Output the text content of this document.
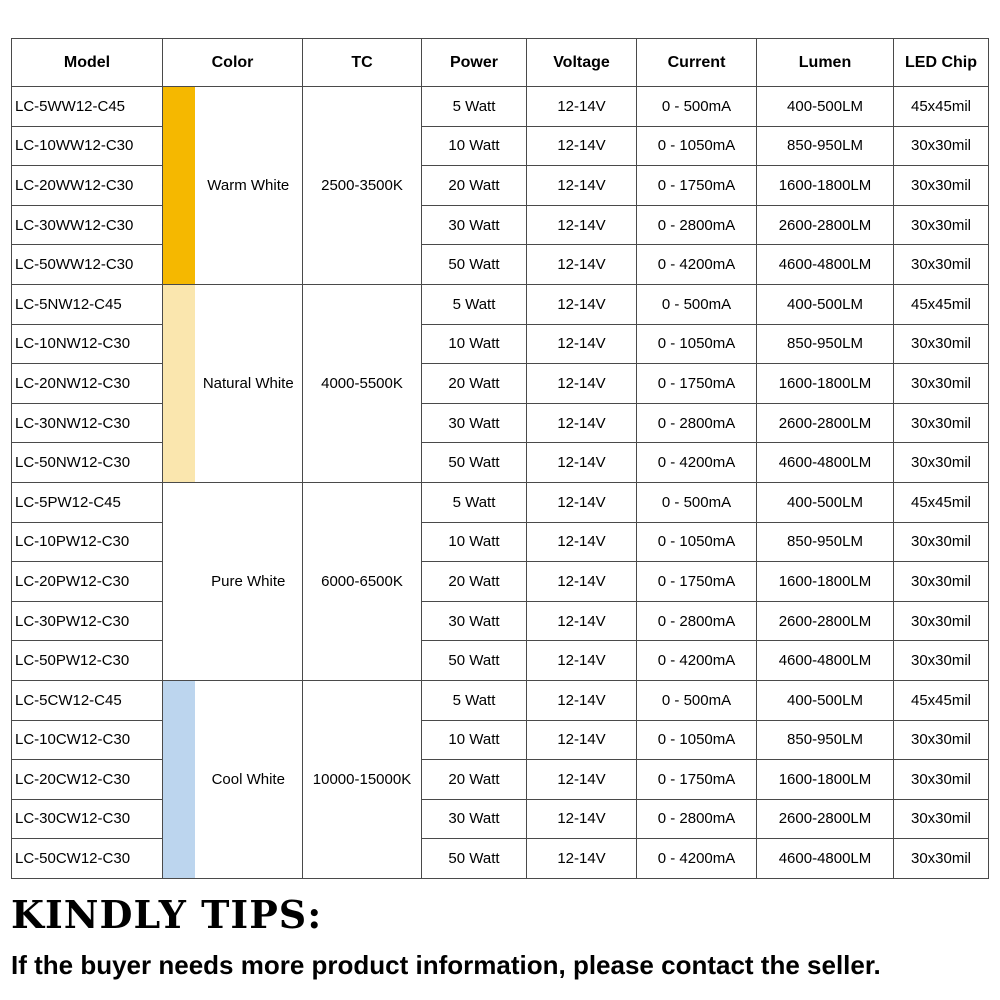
Model	Color		TC	Power	Voltage	Current	Lumen	LED Chip
LC-5WW12-C45		Warm White	2500-3500K	5 Watt	12-14V	0 - 500mA	400-500LM	45x45mil
LC-10WW12-C30				10 Watt	12-14V	0 - 1050mA	850-950LM	30x30mil
LC-20WW12-C30				20 Watt	12-14V	0 - 1750mA	1600-1800LM	30x30mil
LC-30WW12-C30				30 Watt	12-14V	0 - 2800mA	2600-2800LM	30x30mil
LC-50WW12-C30				50 Watt	12-14V	0 - 4200mA	4600-4800LM	30x30mil
LC-5NW12-C45		Natural White	4000-5500K	5 Watt	12-14V	0 - 500mA	400-500LM	45x45mil
LC-10NW12-C30				10 Watt	12-14V	0 - 1050mA	850-950LM	30x30mil
LC-20NW12-C30				20 Watt	12-14V	0 - 1750mA	1600-1800LM	30x30mil
LC-30NW12-C30				30 Watt	12-14V	0 - 2800mA	2600-2800LM	30x30mil
LC-50NW12-C30				50 Watt	12-14V	0 - 4200mA	4600-4800LM	30x30mil
LC-5PW12-C45		Pure White	6000-6500K	5 Watt	12-14V	0 - 500mA	400-500LM	45x45mil
LC-10PW12-C30				10 Watt	12-14V	0 - 1050mA	850-950LM	30x30mil
LC-20PW12-C30				20 Watt	12-14V	0 - 1750mA	1600-1800LM	30x30mil
LC-30PW12-C30				30 Watt	12-14V	0 - 2800mA	2600-2800LM	30x30mil
LC-50PW12-C30				50 Watt	12-14V	0 - 4200mA	4600-4800LM	30x30mil
LC-5CW12-C45		Cool White	10000-15000K	5 Watt	12-14V	0 - 500mA	400-500LM	45x45mil
LC-10CW12-C30				10 Watt	12-14V	0 - 1050mA	850-950LM	30x30mil
LC-20CW12-C30				20 Watt	12-14V	0 - 1750mA	1600-1800LM	30x30mil
LC-30CW12-C30				30 Watt	12-14V	0 - 2800mA	2600-2800LM	30x30mil
LC-50CW12-C30				50 Watt	12-14V	0 - 4200mA	4600-4800LM	30x30mil
KINDLY TIPS:
If the buyer needs more product information, please contact the seller.
